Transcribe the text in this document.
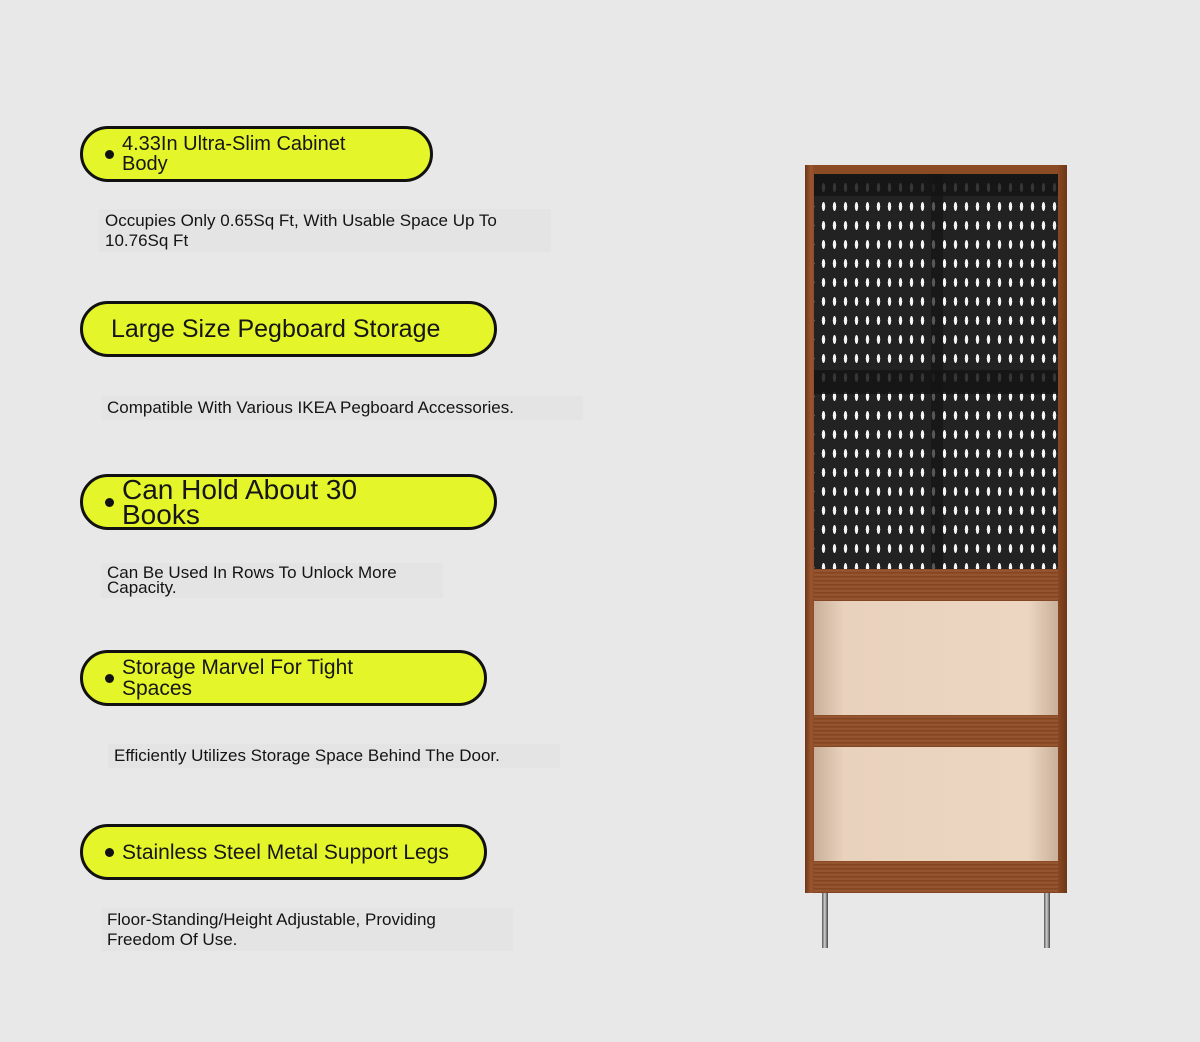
4.33In Ultra-Slim Cabinet Body
Occupies Only 0.65Sq Ft, With Usable Space Up To 10.76Sq Ft
Large Size Pegboard Storage
Compatible With Various IKEA Pegboard Accessories.
Can Hold About 30 Books
Can Be Used In Rows To Unlock More Capacity.
Storage Marvel For Tight Spaces
Efficiently Utilizes Storage Space Behind The Door.
Stainless Steel Metal Support Legs
Floor-Standing/Height Adjustable, Providing Freedom Of Use.
